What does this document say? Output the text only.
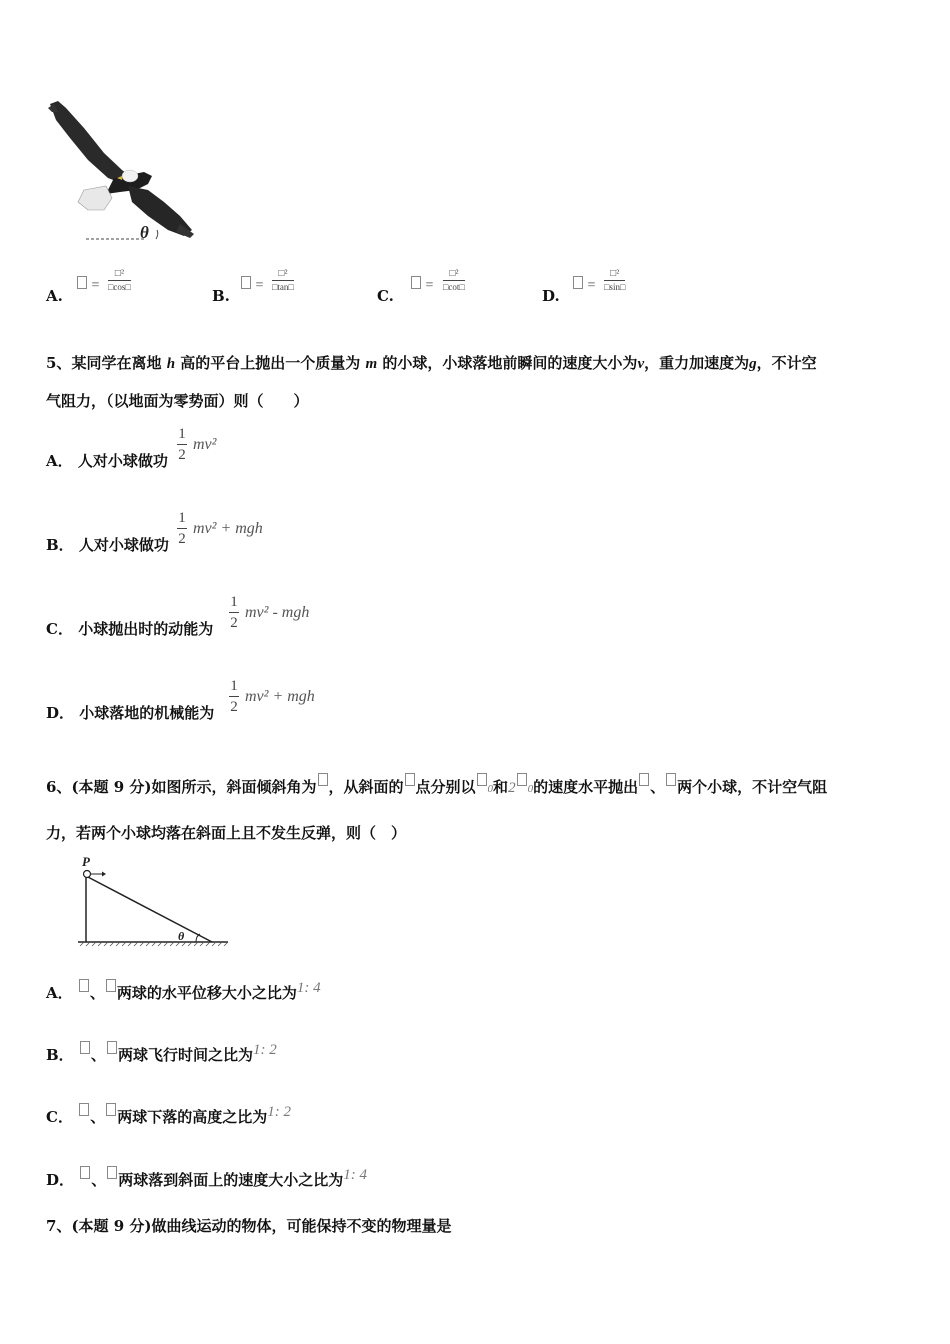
θ
A.
=
□²
□cos□	B.
=
□²
□tan□	C.
=
□²
□cot□	D.
=
□²
□sin□
5、某同学在离地 h 高的平台上抛出一个质量为 m 的小球，小球落地前瞬间的速度大小为v，重力加速度为g，不计空
气阻力，（以地面为零势面）则（　　）
A． 人对小球做功
1
2
mv²
B． 人对小球做功
1
2
mv² + mgh
C． 小球抛出时的动能为
1
2
mv² - mgh
D． 小球落地的机械能为
1
2
mv² + mgh
6、(本题 9 分)如图所示，斜面倾斜角为 ，从斜面的 点分别以 0和2 0的速度水平抛出 、 两个小球，不计空气阻
力，若两个小球均落在斜面上且不发生反弹，则（　）
P
θ
A． 、 两球的水平位移大小之比为1: 4
B． 、 两球飞行时间之比为1: 2
C． 、 两球下落的高度之比为1: 2
D． 、 两球落到斜面上的速度大小之比为1: 4
7、(本题 9 分)做曲线运动的物体，可能保持不变的物理量是
